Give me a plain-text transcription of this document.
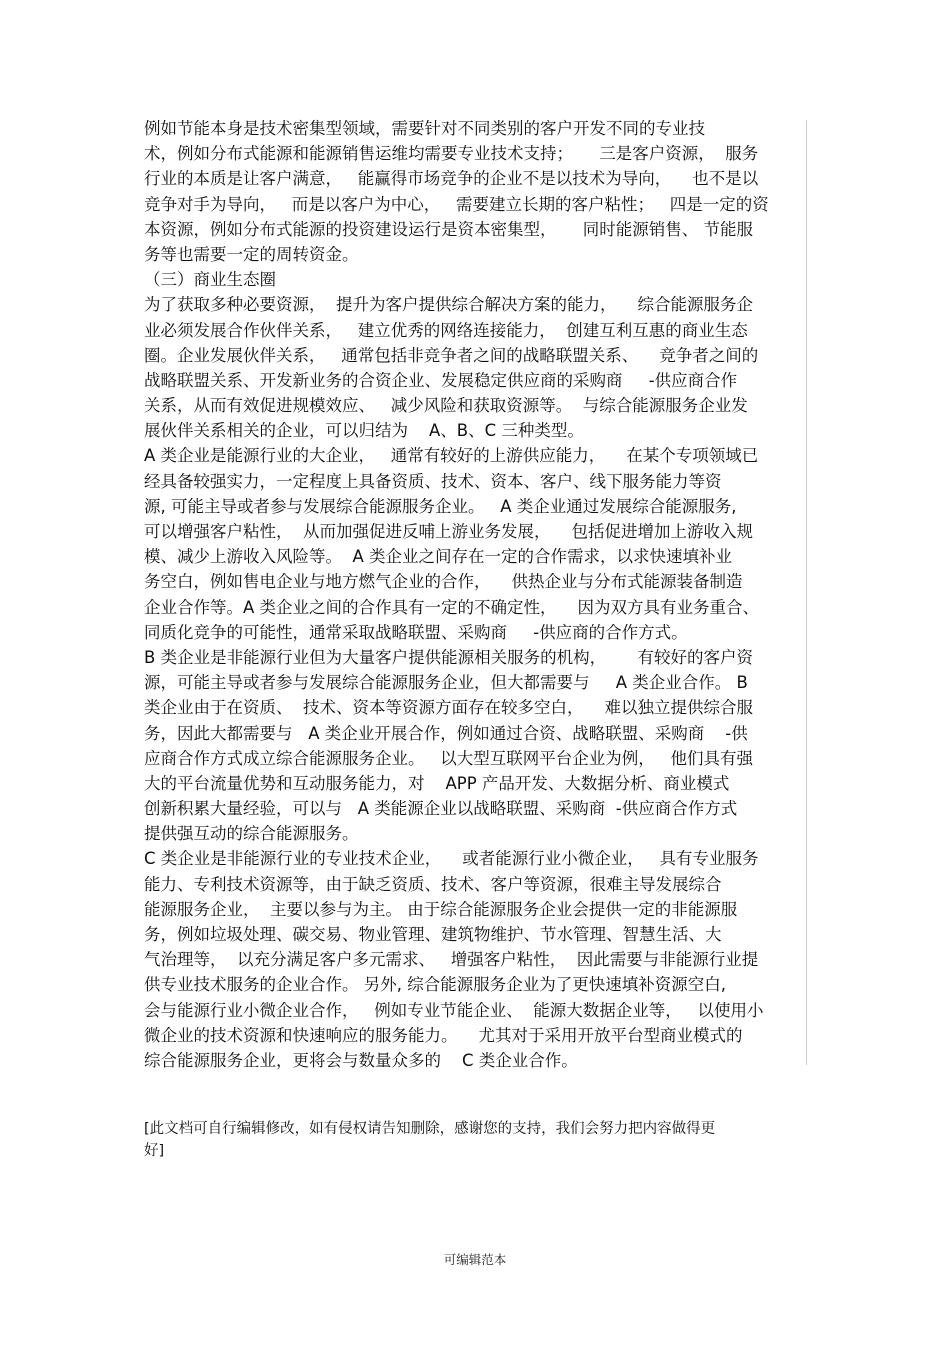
例如节能本身是技术密集型领域，需要针对不同类别的客户开发不同的专业技
术，例如分布式能源和能源销售运维均需要专业技术支持；     三是客户资源，  服务
行业的本质是让客户满意，   能赢得市场竞争的企业不是以技术为导向，    也不是以
竞争对手为导向，   而是以客户为中心，   需要建立长期的客户粘性；   四是一定的资
本资源，例如分布式能源的投资建设运行是资本密集型，     同时能源销售、 节能服
务等也需要一定的周转资金。
（三）商业生态圈
为了获取多种必要资源，  提升为客户提供综合解决方案的能力，    综合能源服务企
业必须发展合作伙伴关系，   建立优秀的网络连接能力，  创建互利互惠的商业生态
圈。企业发展伙伴关系，   通常包括非竞争者之间的战略联盟关系、    竞争者之间的
战略联盟关系、开发新业务的合资企业、发展稳定供应商的采购商     -供应商合作
关系，从而有效促进规模效应、   减少风险和获取资源等。  与综合能源服务企业发
展伙伴关系相关的企业，可以归结为    A、B、C 三种类型。
A 类企业是能源行业的大企业，   通常有较好的上游供应能力，    在某个专项领域已
经具备较强实力，一定程度上具备资质、技术、资本、客户、线下服务能力等资
源, 可能主导或者参与发展综合能源服务企业。   A 类企业通过发展综合能源服务,
可以增强客户粘性，  从而加强促进反哺上游业务发展，    包括促进增加上游收入规
模、减少上游收入风险等。  A 类企业之间存在一定的合作需求，以求快速填补业
务空白，例如售电企业与地方燃气企业的合作，    供热企业与分布式能源装备制造
企业合作等。A 类企业之间的合作具有一定的不确定性，    因为双方具有业务重合、
同质化竞争的可能性，通常采取战略联盟、采购商     -供应商的合作方式。
B 类企业是非能源行业但为大量客户提供能源相关服务的机构，      有较好的客户资
源，可能主导或者参与发展综合能源服务企业，但大都需要与     A 类企业合作。 B
类企业由于在资质、  技术、资本等资源方面存在较多空白，    难以独立提供综合服
务，因此大都需要与   A 类企业开展合作，例如通过合资、战略联盟、采购商    -供
应商合作方式成立综合能源服务企业。   以大型互联网平台企业为例，   他们具有强
大的平台流量优势和互动服务能力，对    APP 产品开发、大数据分析、商业模式
创新积累大量经验，可以与   A 类能源企业以战略联盟、采购商  -供应商合作方式
提供强互动的综合能源服务。
C 类企业是非能源行业的专业技术企业，    或者能源行业小微企业，   具有专业服务
能力、专利技术资源等，由于缺乏资质、技术、客户等资源，很难主导发展综合
能源服务企业，  主要以参与为主。 由于综合能源服务企业会提供一定的非能源服
务，例如垃圾处理、碳交易、物业管理、建筑物维护、节水管理、智慧生活、大
气治理等，  以充分满足客户多元需求、   增强客户粘性，  因此需要与非能源行业提
供专业技术服务的企业合作。 另外, 综合能源服务企业为了更快速填补资源空白,
会与能源行业小微企业合作，   例如专业节能企业、  能源大数据企业等，   以使用小
微企业的技术资源和快速响应的服务能力。    尤其对于采用开放平台型商业模式的
综合能源服务企业，更将会与数量众多的    C 类企业合作。
[此文档可自行编辑修改，如有侵权请告知删除，感谢您的支持，我们会努力把内容做得更
好]
可编辑范本
